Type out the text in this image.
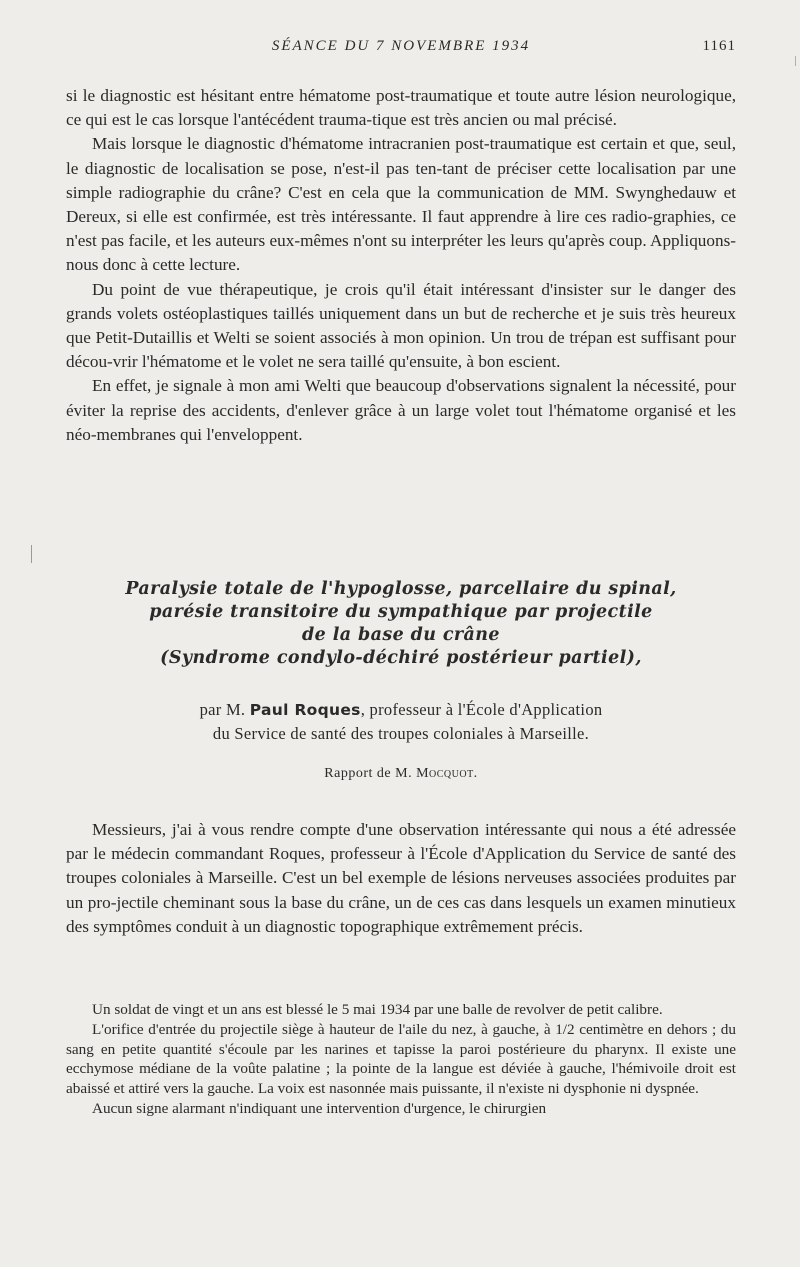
SÉANCE DU 7 NOVEMBRE 1934	1161

si le diagnostic est hésitant entre hématome post-traumatique et toute autre lésion neurologique, ce qui est le cas lorsque l'antécédent trauma-tique est très ancien ou mal précisé.

Mais lorsque le diagnostic d'hématome intracranien post-traumatique est certain et que, seul, le diagnostic de localisation se pose, n'est-il pas ten-tant de préciser cette localisation par une simple radiographie du crâne? C'est en cela que la communication de MM. Swynghedauw et Dereux, si elle est confirmée, est très intéressante. Il faut apprendre à lire ces radio-graphies, ce n'est pas facile, et les auteurs eux-mêmes n'ont su interpréter les leurs qu'après coup. Appliquons-nous donc à cette lecture.

Du point de vue thérapeutique, je crois qu'il était intéressant d'insister sur le danger des grands volets ostéoplastiques taillés uniquement dans un but de recherche et je suis très heureux que Petit-Dutaillis et Welti se soient associés à mon opinion. Un trou de trépan est suffisant pour décou-vrir l'hématome et le volet ne sera taillé qu'ensuite, à bon escient.

En effet, je signale à mon ami Welti que beaucoup d'observations signalent la nécessité, pour éviter la reprise des accidents, d'enlever grâce à un large volet tout l'hématome organisé et les néo-membranes qui l'enveloppent.

Paralysie totale de l'hypoglosse, parcellaire du spinal,

parésie transitoire du sympathique par projectile

de la base du crâne

(Syndrome condylo-déchiré postérieur partiel),

par M. Paul Roques, professeur à l'École d'Application
du Service de santé des troupes coloniales à Marseille.
Rapport de M. Mocquot.

Messieurs, j'ai à vous rendre compte d'une observation intéressante qui nous a été adressée par le médecin commandant Roques, professeur à l'École d'Application du Service de santé des troupes coloniales à Marseille. C'est un bel exemple de lésions nerveuses associées produites par un pro-jectile cheminant sous la base du crâne, un de ces cas dans lesquels un examen minutieux des symptômes conduit à un diagnostic topographique extrêmement précis.

Un soldat de vingt et un ans est blessé le 5 mai 1934 par une balle de revolver de petit calibre.

L'orifice d'entrée du projectile siège à hauteur de l'aile du nez, à gauche, à 1/2 centimètre en dehors ; du sang en petite quantité s'écoule par les narines et tapisse la paroi postérieure du pharynx. Il existe une ecchymose médiane de la voûte palatine ; la pointe de la langue est déviée à gauche, l'hémivoile droit est abaissé et attiré vers la gauche. La voix est nasonnée mais puissante, il n'existe ni dysphonie ni dyspnée.

Aucun signe alarmant n'indiquant une intervention d'urgence, le chirurgien
